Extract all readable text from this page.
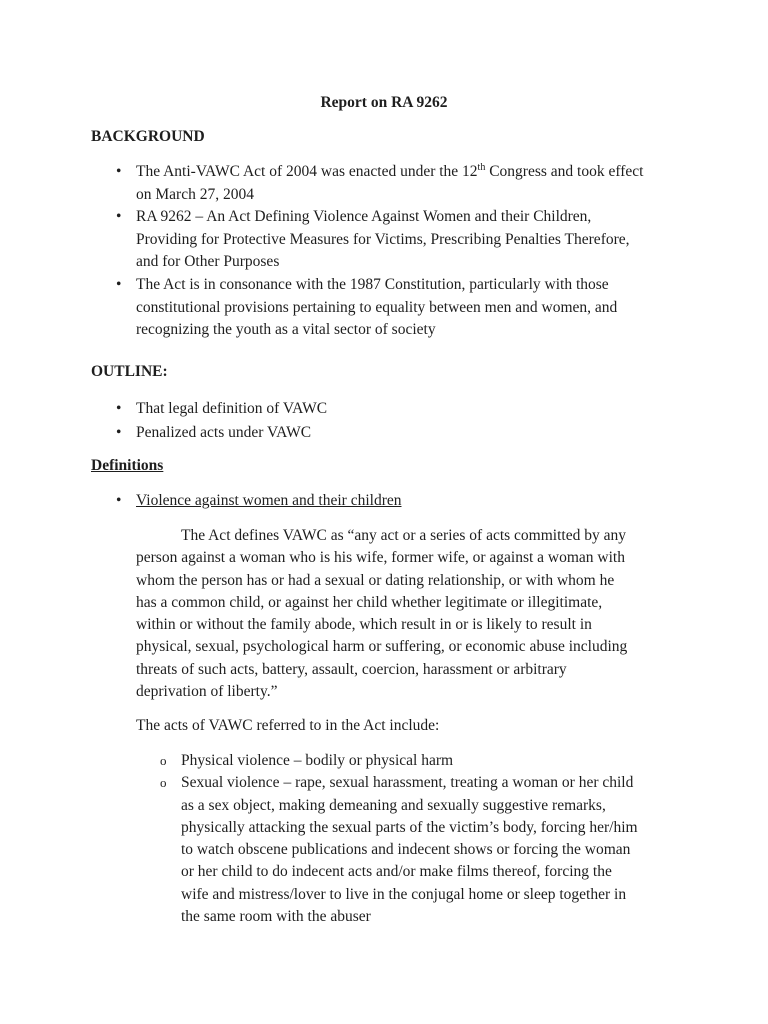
Report on RA 9262
BACKGROUND
• The Anti-VAWC Act of 2004 was enacted under the 12th Congress and took effect
on March 27, 2004
• RA 9262 – An Act Defining Violence Against Women and their Children,
Providing for Protective Measures for Victims, Prescribing Penalties Therefore,
and for Other Purposes
• The Act is in consonance with the 1987 Constitution, particularly with those
constitutional provisions pertaining to equality between men and women, and
recognizing the youth as a vital sector of society
OUTLINE:
• That legal definition of VAWC
• Penalized acts under VAWC
Definitions
• Violence against women and their children
The Act defines VAWC as “any act or a series of acts committed by any
person against a woman who is his wife, former wife, or against a woman with
whom the person has or had a sexual or dating relationship, or with whom he
has a common child, or against her child whether legitimate or illegitimate,
within or without the family abode, which result in or is likely to result in
physical, sexual, psychological harm or suffering, or economic abuse including
threats of such acts, battery, assault, coercion, harassment or arbitrary
deprivation of liberty.”
The acts of VAWC referred to in the Act include:
o Physical violence – bodily or physical harm
o Sexual violence – rape, sexual harassment, treating a woman or her child
as a sex object, making demeaning and sexually suggestive remarks,
physically attacking the sexual parts of the victim’s body, forcing her/him
to watch obscene publications and indecent shows or forcing the woman
or her child to do indecent acts and/or make films thereof, forcing the
wife and mistress/lover to live in the conjugal home or sleep together in
the same room with the abuser
